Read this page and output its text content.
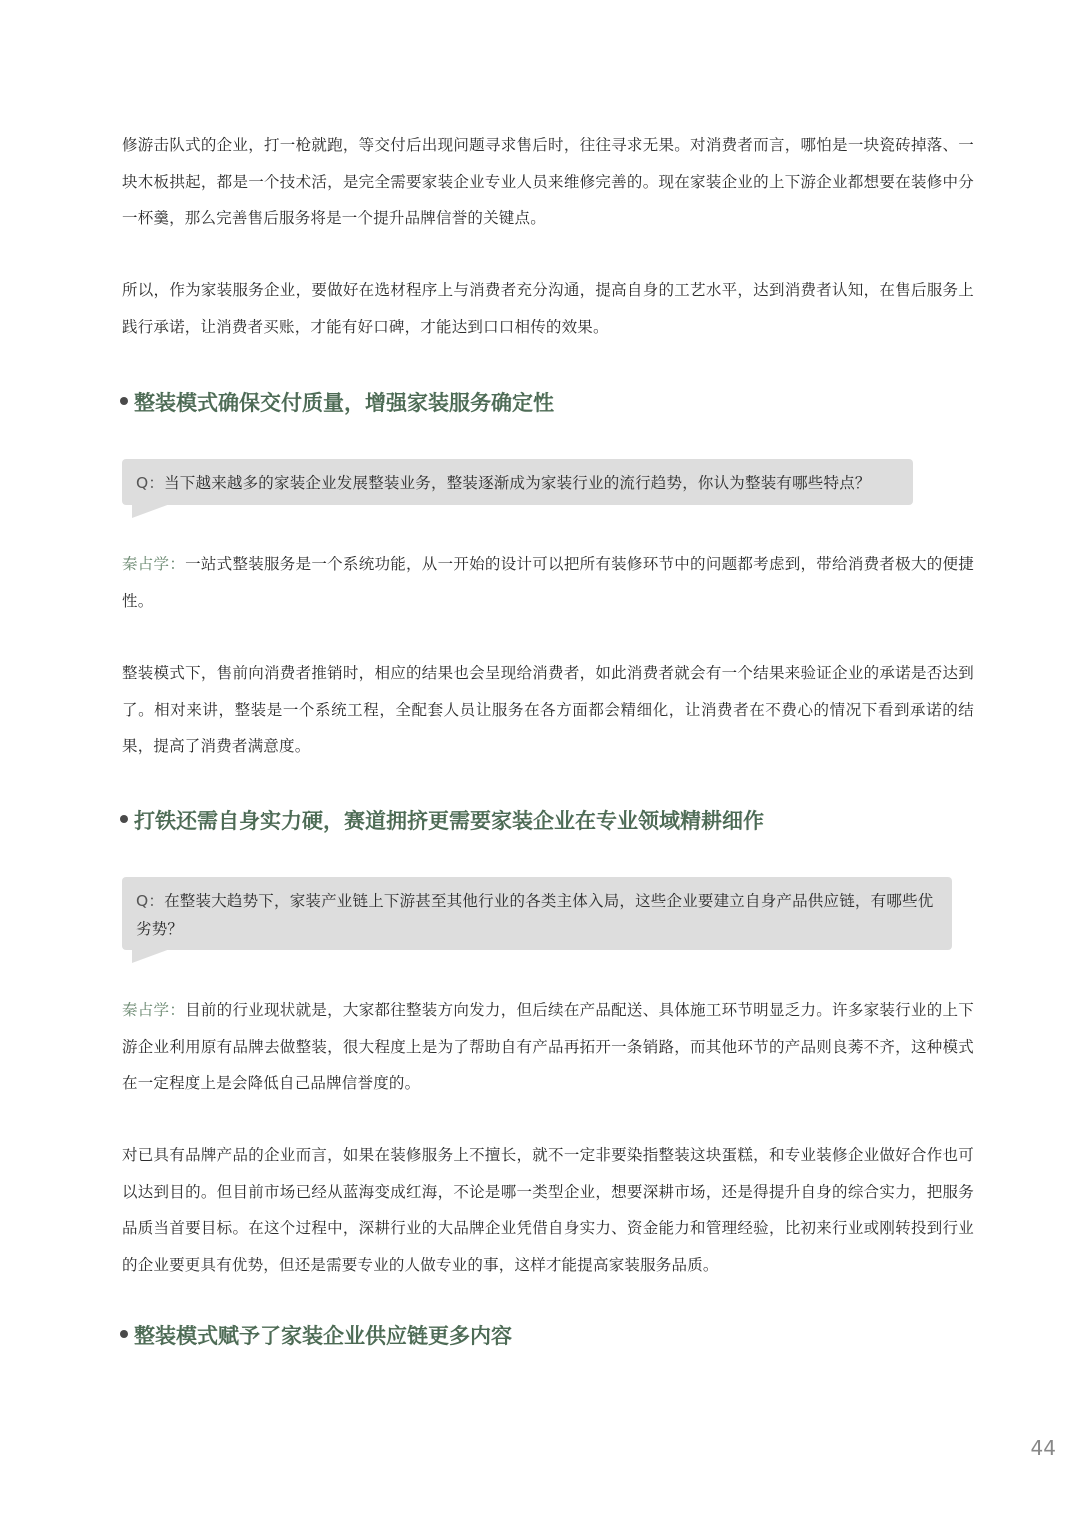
修游击队式的企业，打一枪就跑，等交付后出现问题寻求售后时，往往寻求无果。对消费者而言，哪怕是一块瓷砖掉落、一块木板拱起，都是一个技术活，是完全需要家装企业专业人员来维修完善的。现在家装企业的上下游企业都想要在装修中分一杯羹，那么完善售后服务将是一个提升品牌信誉的关键点。

所以，作为家装服务企业，要做好在选材程序上与消费者充分沟通，提高自身的工艺水平，达到消费者认知，在售后服务上践行承诺，让消费者买账，才能有好口碑，才能达到口口相传的效果。

整装模式确保交付质量，增强家装服务确定性
Q：当下越来越多的家装企业发展整装业务，整装逐渐成为家装行业的流行趋势，你认为整装有哪些特点？

秦占学：一站式整装服务是一个系统功能，从一开始的设计可以把所有装修环节中的问题都考虑到，带给消费者极大的便捷性。

整装模式下，售前向消费者推销时，相应的结果也会呈现给消费者，如此消费者就会有一个结果来验证企业的承诺是否达到了。相对来讲，整装是一个系统工程，全配套人员让服务在各方面都会精细化，让消费者在不费心的情况下看到承诺的结果，提高了消费者满意度。

打铁还需自身实力硬，赛道拥挤更需要家装企业在专业领域精耕细作
Q：在整装大趋势下，家装产业链上下游甚至其他行业的各类主体入局，这些企业要建立自身产品供应链，有哪些优劣势？

秦占学：目前的行业现状就是，大家都往整装方向发力，但后续在产品配送、具体施工环节明显乏力。许多家装行业的上下游企业利用原有品牌去做整装，很大程度上是为了帮助自有产品再拓开一条销路，而其他环节的产品则良莠不齐，这种模式在一定程度上是会降低自己品牌信誉度的。

对已具有品牌产品的企业而言，如果在装修服务上不擅长，就不一定非要染指整装这块蛋糕，和专业装修企业做好合作也可以达到目的。但目前市场已经从蓝海变成红海，不论是哪一类型企业，想要深耕市场，还是得提升自身的综合实力，把服务品质当首要目标。在这个过程中，深耕行业的大品牌企业凭借自身实力、资金能力和管理经验，比初来行业或刚转投到行业的企业要更具有优势，但还是需要专业的人做专业的事，这样才能提高家装服务品质。

整装模式赋予了家装企业供应链更多内容
44
